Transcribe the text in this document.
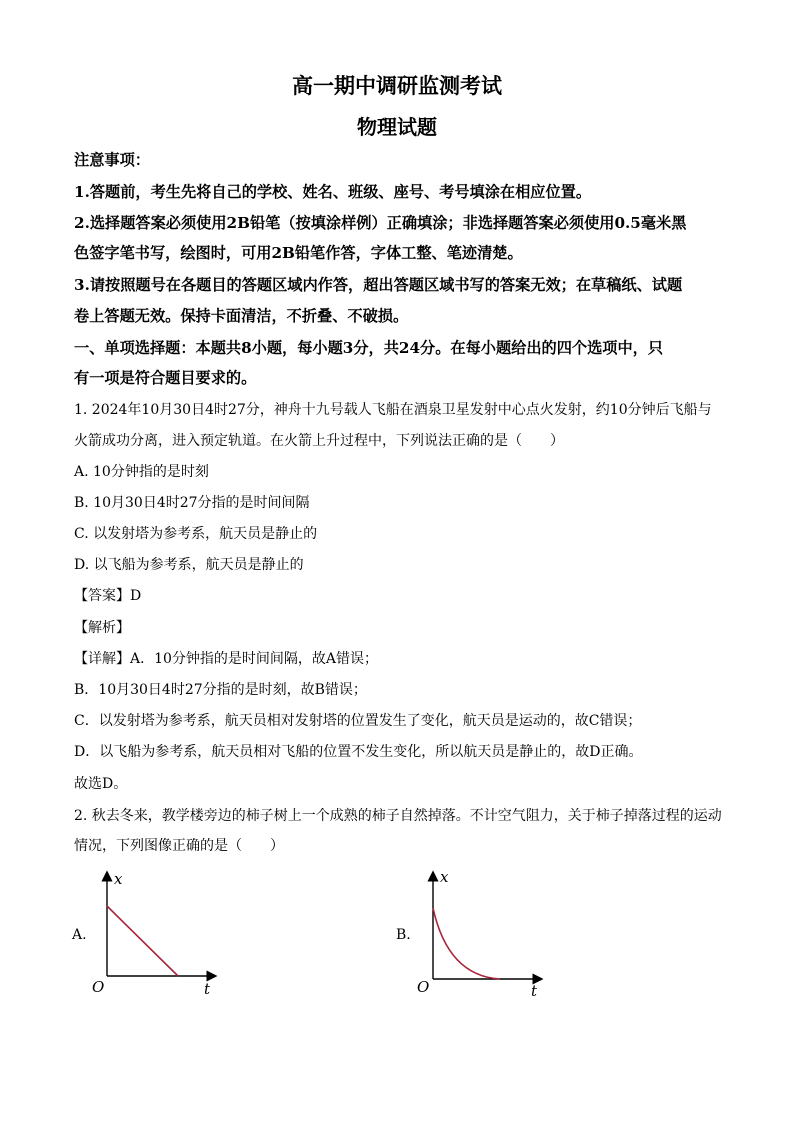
高一期中调研监测考试
物理试题
注意事项：
1.答题前，考生先将自己的学校、姓名、班级、座号、考号填涂在相应位置。
2.选择题答案必须使用2B铅笔（按填涂样例）正确填涂；非选择题答案必须使用0.5毫米黑
色签字笔书写，绘图时，可用2B铅笔作答，字体工整、笔迹清楚。
3.请按照题号在各题目的答题区域内作答，超出答题区域书写的答案无效；在草稿纸、试题
卷上答题无效。保持卡面清洁，不折叠、不破损。
一、单项选择题：本题共8小题，每小题3分，共24分。在每小题给出的四个选项中，只
有一项是符合题目要求的。
1. 2024年10月30日4时27分，神舟十九号载人飞船在酒泉卫星发射中心点火发射，约10分钟后飞船与
火箭成功分离，进入预定轨道。在火箭上升过程中，下列说法正确的是（　　）
A. 10分钟指的是时刻
B. 10月30日4时27分指的是时间间隔
C. 以发射塔为参考系，航天员是静止的
D. 以飞船为参考系，航天员是静止的
【答案】D
【解析】
【详解】A．10分钟指的是时间间隔，故A错误；
B．10月30日4时27分指的是时刻，故B错误；
C．以发射塔为参考系，航天员相对发射塔的位置发生了变化，航天员是运动的，故C错误；
D．以飞船为参考系，航天员相对飞船的位置不发生变化，所以航天员是静止的，故D正确。
故选D。
2. 秋去冬来，教学楼旁边的柿子树上一个成熟的柿子自然掉落。不计空气阻力，关于柿子掉落过程的运动
情况，下列图像正确的是（　　）
A.
x
t
O
B.
x
t
O
